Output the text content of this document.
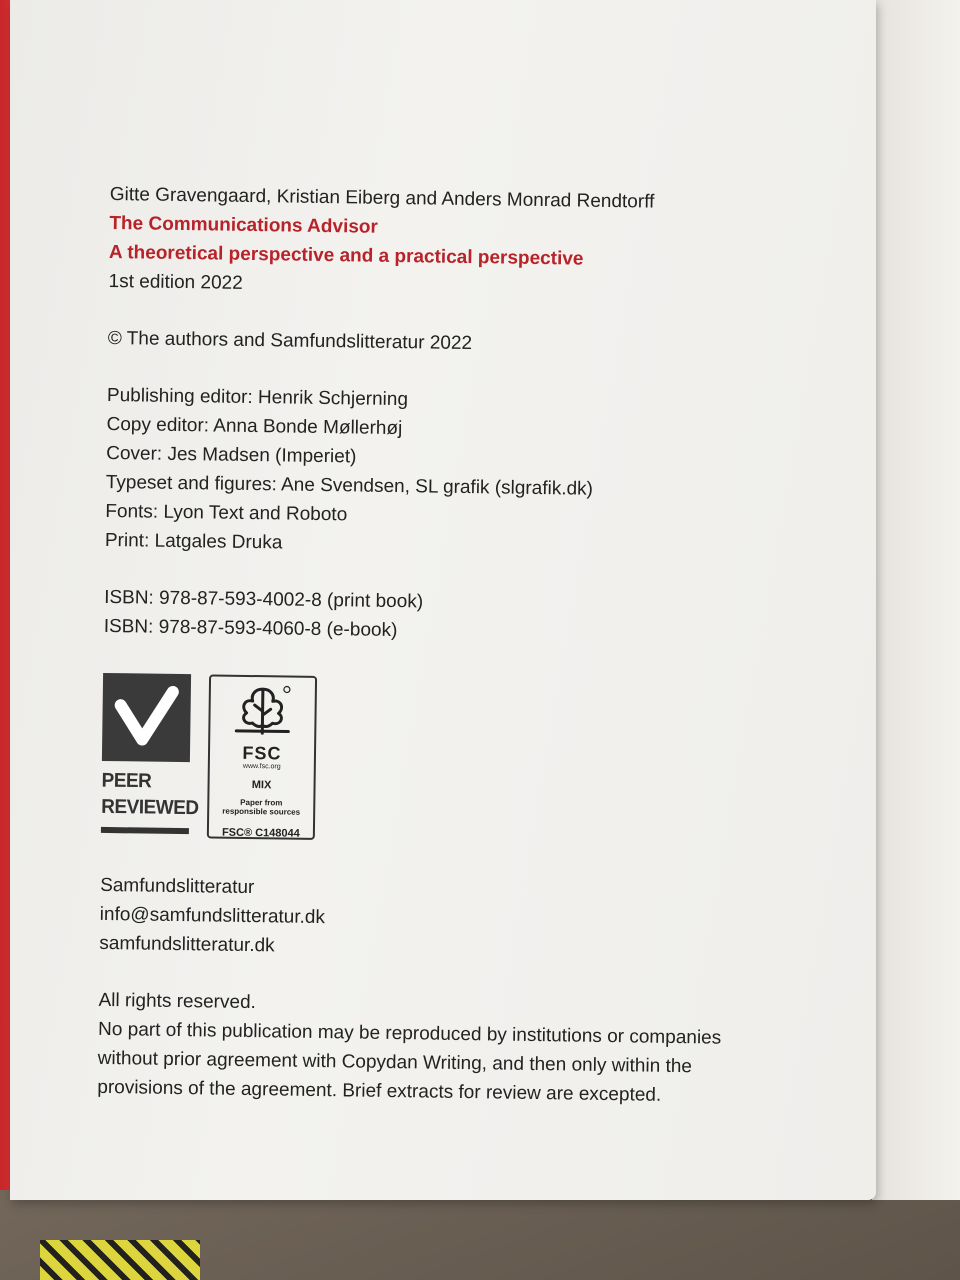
Gitte Gravengaard, Kristian Eiberg and Anders Monrad Rendtorff
The Communications Advisor
A theoretical perspective and a practical perspective
1st edition 2022
© The authors and Samfundslitteratur 2022
Publishing editor: Henrik Schjerning
Copy editor: Anna Bonde Møllerhøj
Cover: Jes Madsen (Imperiet)
Typeset and figures: Ane Svendsen, SL grafik (slgrafik.dk)
Fonts: Lyon Text and Roboto
Print: Latgales Druka
ISBN: 978-87-593-4002-8 (print book)
ISBN: 978-87-593-4060-8 (e-book)
PEER
REVIEWED
FSC
www.fsc.org
MIX
Paper from
responsible sources
FSC® C148044
Samfundslitteratur
info@samfundslitteratur.dk
samfundslitteratur.dk
All rights reserved.
No part of this publication may be reproduced by institutions or companies without prior agreement with Copydan Writing, and then only within the provisions of the agreement. Brief extracts for review are excepted.
